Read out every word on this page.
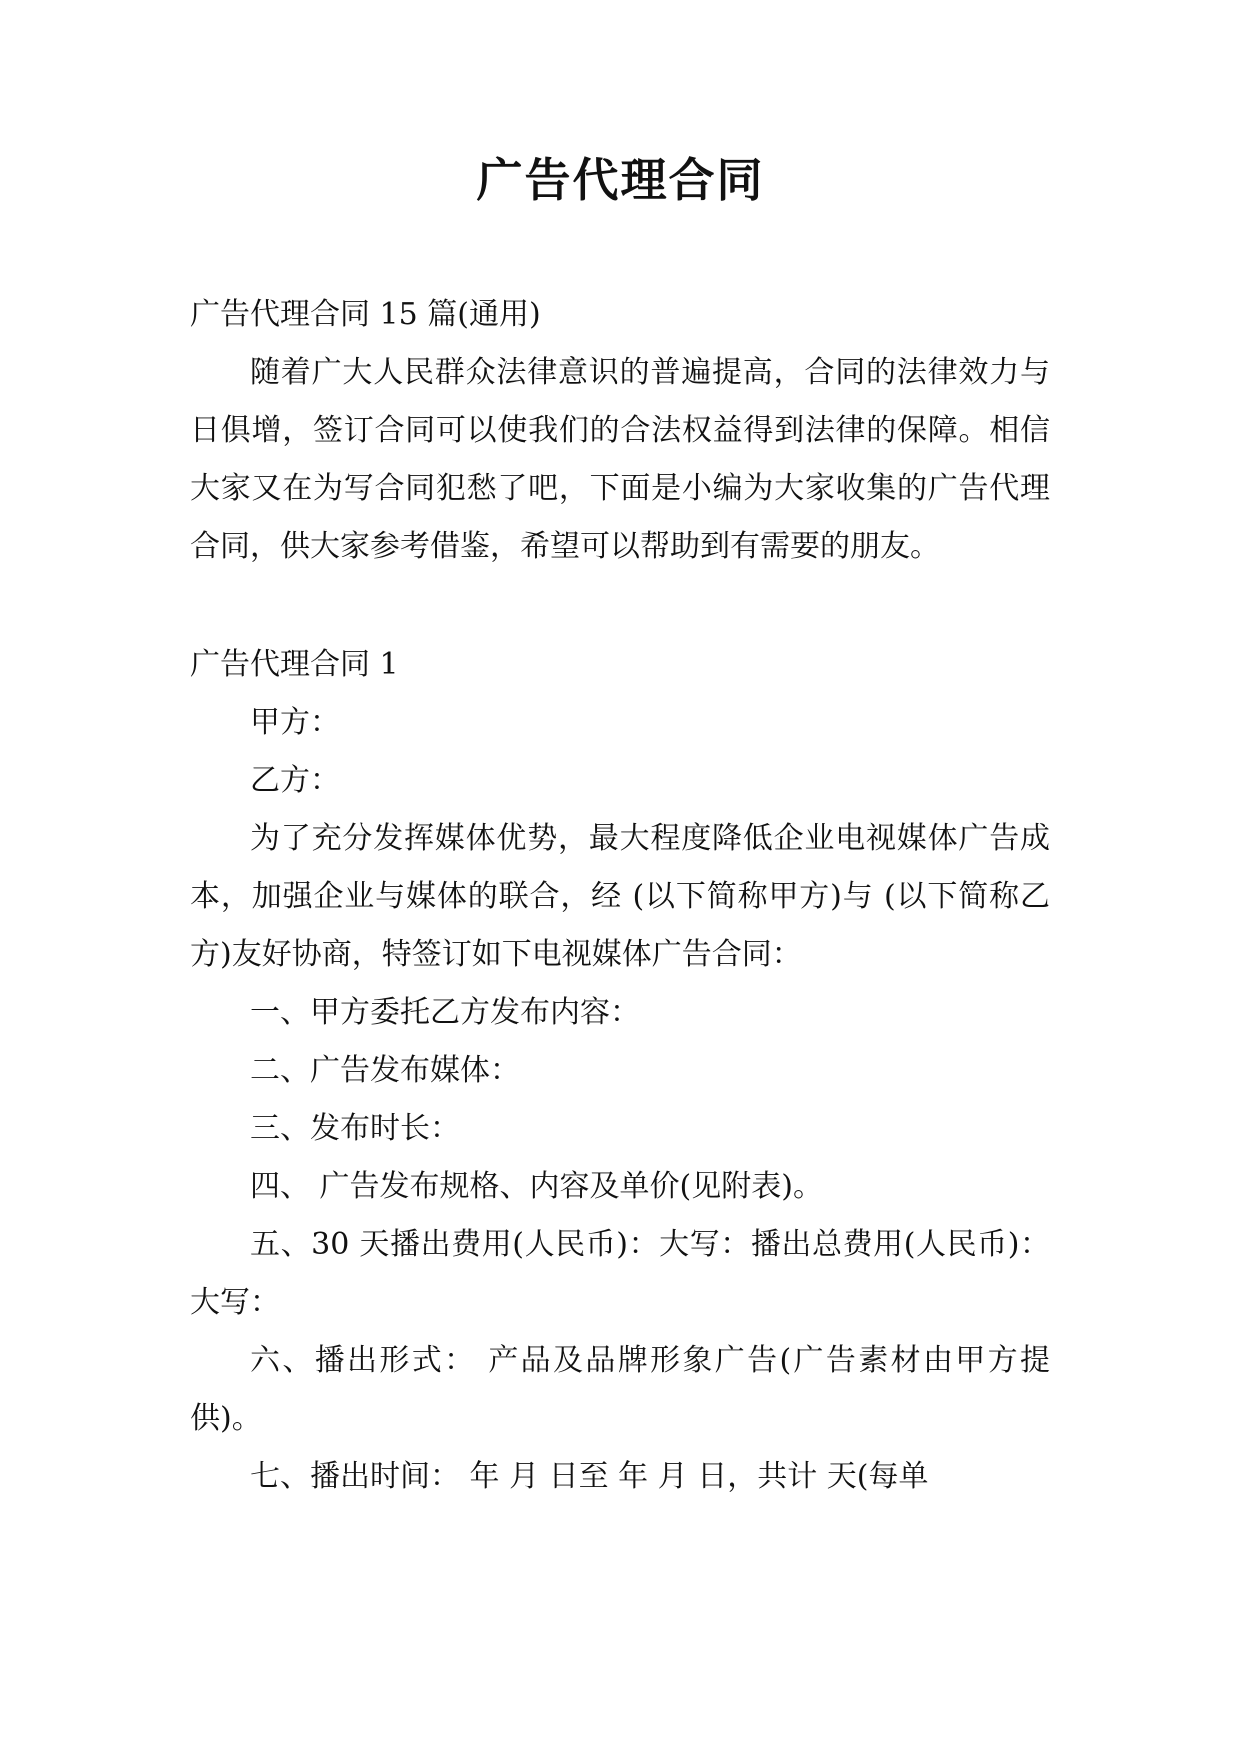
广告代理合同

广告代理合同 15 篇(通用)

随着广大人民群众法律意识的普遍提高，合同的法律效力与日俱增，签订合同可以使我们的合法权益得到法律的保障。相信大家又在为写合同犯愁了吧，下面是小编为大家收集的广告代理合同，供大家参考借鉴，希望可以帮助到有需要的朋友。

广告代理合同 1

甲方：

乙方：

为了充分发挥媒体优势，最大程度降低企业电视媒体广告成本，加强企业与媒体的联合，经 (以下简称甲方)与 (以下简称乙方)友好协商，特签订如下电视媒体广告合同：

一、甲方委托乙方发布内容：

二、广告发布媒体：

三、发布时长：

四、 广告发布规格、内容及单价(见附表)。

五、30 天播出费用(人民币)：大写：播出总费用(人民币)：大写：

六、播出形式： 产品及品牌形象广告(广告素材由甲方提供)。

七、播出时间： 年 月 日至 年 月 日，共计 天(每单
